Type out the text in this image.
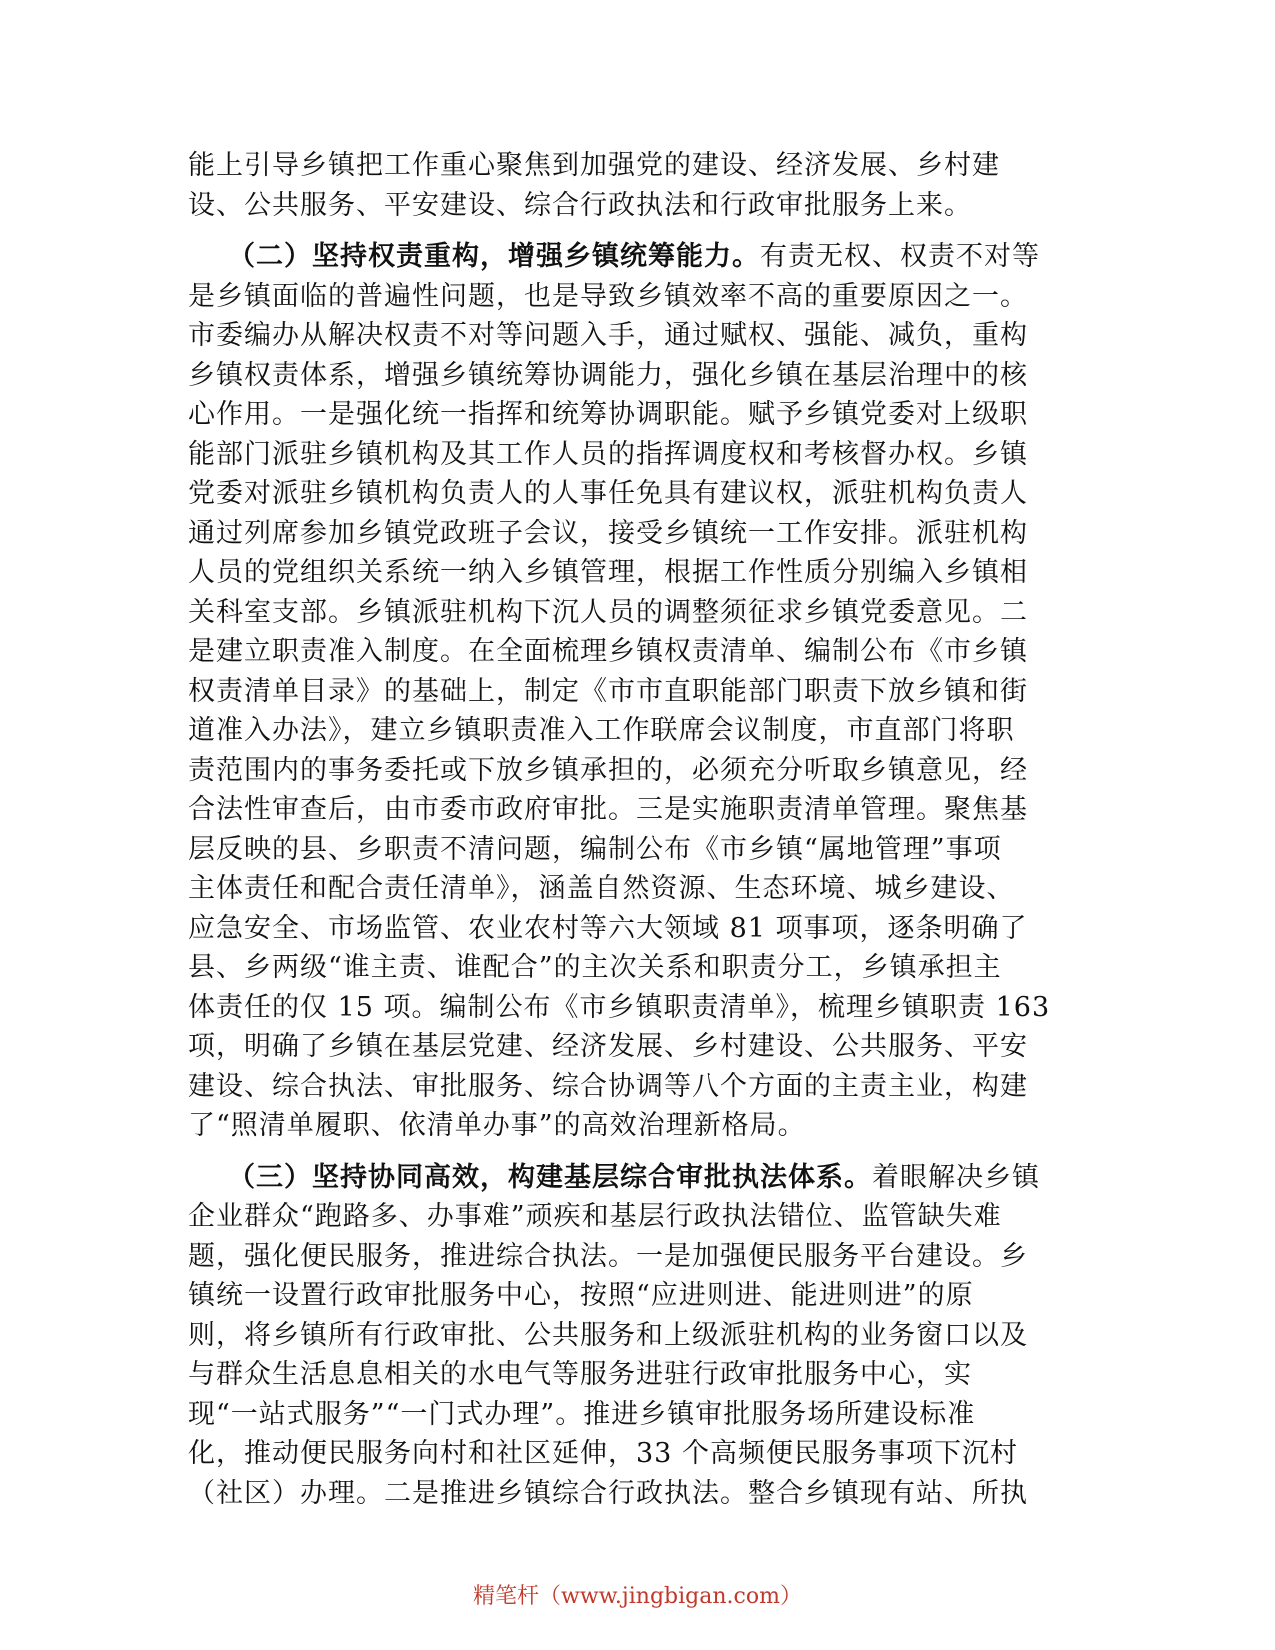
能上引导乡镇把工作重心聚焦到加强党的建设、经济发展、乡村建
设、公共服务、平安建设、综合行政执法和行政审批服务上来。
（二）坚持权责重构，增强乡镇统筹能力。有责无权、权责不对等
是乡镇面临的普遍性问题，也是导致乡镇效率不高的重要原因之一。
市委编办从解决权责不对等问题入手，通过赋权、强能、减负，重构
乡镇权责体系，增强乡镇统筹协调能力，强化乡镇在基层治理中的核
心作用。一是强化统一指挥和统筹协调职能。赋予乡镇党委对上级职
能部门派驻乡镇机构及其工作人员的指挥调度权和考核督办权。乡镇
党委对派驻乡镇机构负责人的人事任免具有建议权，派驻机构负责人
通过列席参加乡镇党政班子会议，接受乡镇统一工作安排。派驻机构
人员的党组织关系统一纳入乡镇管理，根据工作性质分别编入乡镇相
关科室支部。乡镇派驻机构下沉人员的调整须征求乡镇党委意见。二
是建立职责准入制度。在全面梳理乡镇权责清单、编制公布《市乡镇
权责清单目录》的基础上，制定《市市直职能部门职责下放乡镇和街
道准入办法》，建立乡镇职责准入工作联席会议制度，市直部门将职
责范围内的事务委托或下放乡镇承担的，必须充分听取乡镇意见，经
合法性审查后，由市委市政府审批。三是实施职责清单管理。聚焦基
层反映的县、乡职责不清问题，编制公布《市乡镇“属地管理”事项
主体责任和配合责任清单》，涵盖自然资源、生态环境、城乡建设、
应急安全、市场监管、农业农村等六大领域 81 项事项，逐条明确了
县、乡两级“谁主责、谁配合”的主次关系和职责分工，乡镇承担主
体责任的仅 15 项。编制公布《市乡镇职责清单》，梳理乡镇职责 163
项，明确了乡镇在基层党建、经济发展、乡村建设、公共服务、平安
建设、综合执法、审批服务、综合协调等八个方面的主责主业，构建
了“照清单履职、依清单办事”的高效治理新格局。
（三）坚持协同高效，构建基层综合审批执法体系。着眼解决乡镇
企业群众“跑路多、办事难”顽疾和基层行政执法错位、监管缺失难
题，强化便民服务，推进综合执法。一是加强便民服务平台建设。乡
镇统一设置行政审批服务中心，按照“应进则进、能进则进”的原
则，将乡镇所有行政审批、公共服务和上级派驻机构的业务窗口以及
与群众生活息息相关的水电气等服务进驻行政审批服务中心，实
现“一站式服务”“一门式办理”。推进乡镇审批服务场所建设标准
化，推动便民服务向村和社区延伸，33 个高频便民服务事项下沉村
（社区）办理。二是推进乡镇综合行政执法。整合乡镇现有站、所执
精笔杆（www.jingbigan.com）
